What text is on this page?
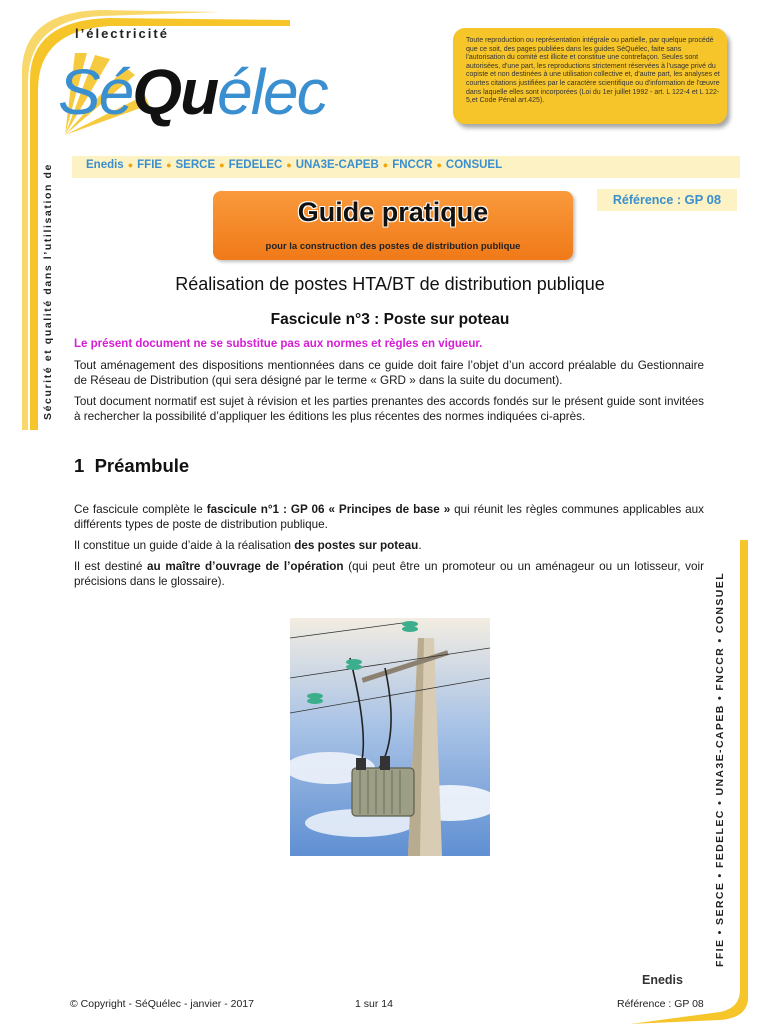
Sécurité et qualité dans l’utilisation de
l’électricité
SéQuélec
Toute reproduction ou représentation intégrale ou partielle, par quelque procédé que ce soit, des pages publiées dans les guides SéQuélec, faite sans l'autorisation du comité est illicite et constitue une contrefaçon. Seules sont autorisées, d'une part, les reproductions strictement réservées à l'usage privé du copiste et non destinées à une utilisation collective et, d'autre part, les analyses et courtes citations justifiées par le caractère scientifique ou d'information de l'œuvre dans laquelle elles sont incorporées (Loi du 1er juillet 1992 - art. L 122-4 et L 122-5,et Code Pénal art.425).
Enedis ● FFIE ● SERCE ● FEDELEC ● UNA3E-CAPEB ● FNCCR ● CONSUEL
Référence : GP 08
Guide pratique
pour la construction des postes de distribution publique
Réalisation de postes HTA/BT de distribution publique
Fascicule n°3 : Poste sur poteau
Le présent document ne se substitue pas aux normes et règles en vigueur.
Tout aménagement des dispositions mentionnées dans ce guide doit faire l’objet d’un accord préalable du Gestionnaire de Réseau de Distribution (qui sera désigné par le terme « GRD » dans la suite du document).
Tout document normatif est sujet à révision et les parties prenantes des accords fondés sur le présent guide sont invitées à rechercher la possibilité d’appliquer les éditions les plus récentes des normes indiquées ci-après.
1 Préambule
Ce fascicule complète le fascicule n°1 : GP 06 « Principes de base » qui réunit les règles communes applicables aux différents types de poste de distribution publique.
Il constitue un guide d’aide à la réalisation des postes sur poteau.
Il est destiné au maître d’ouvrage de l’opération (qui peut être un promoteur ou un aménageur ou un lotisseur, voir précisions dans le glossaire).	FFIE • SERCE • FEDELEC • UNA3E-CAPEB • FNCCR • CONSUEL
Enedis
© Copyright - SéQuélec - janvier - 2017	1 sur 14	Référence : GP 08
